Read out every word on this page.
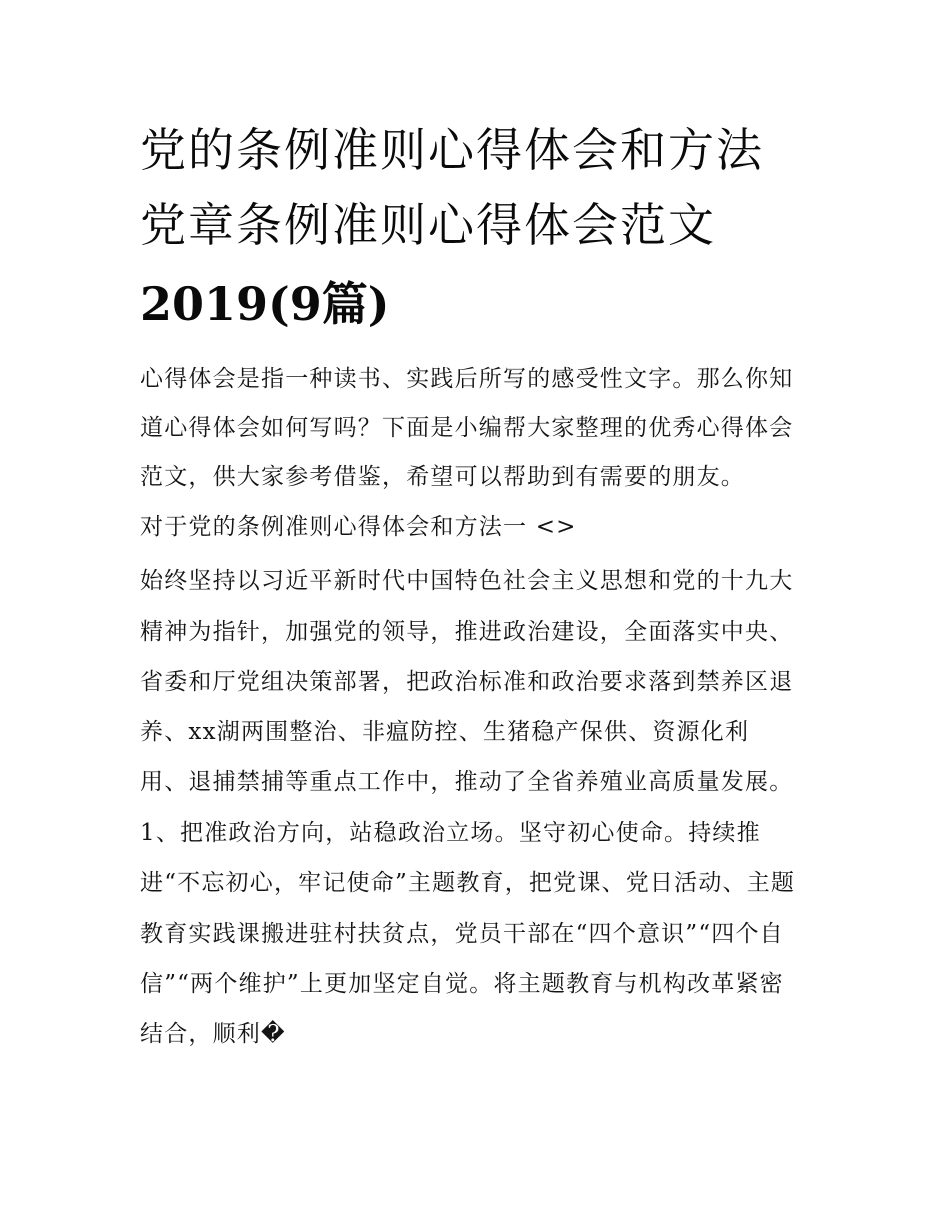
党的条例准则心得体会和方法
党章条例准则心得体会范文
2019(9篇)

心得体会是指一种读书、实践后所写的感受性文字。那么你知

道心得体会如何写吗？下面是小编帮大家整理的优秀心得体会

范文，供大家参考借鉴，希望可以帮助到有需要的朋友。

对于党的条例准则心得体会和方法一 <>

始终坚持以习近平新时代中国特色社会主义思想和党的十九大

精神为指针，加强党的领导，推进政治建设，全面落实中央、

省委和厅党组决策部署，把政治标准和政治要求落到禁养区退

养、xx湖两围整治、非瘟防控、生猪稳产保供、资源化利

用、退捕禁捕等重点工作中，推动了全省养殖业高质量发展。

1、把准政治方向，站稳政治立场。坚守初心使命。持续推

进“不忘初心，牢记使命”主题教育，把党课、党日活动、主题

教育实践课搬进驻村扶贫点，党员干部在“四个意识”“四个自

信”“两个维护”上更加坚定自觉。将主题教育与机构改革紧密

结合，顺利�
